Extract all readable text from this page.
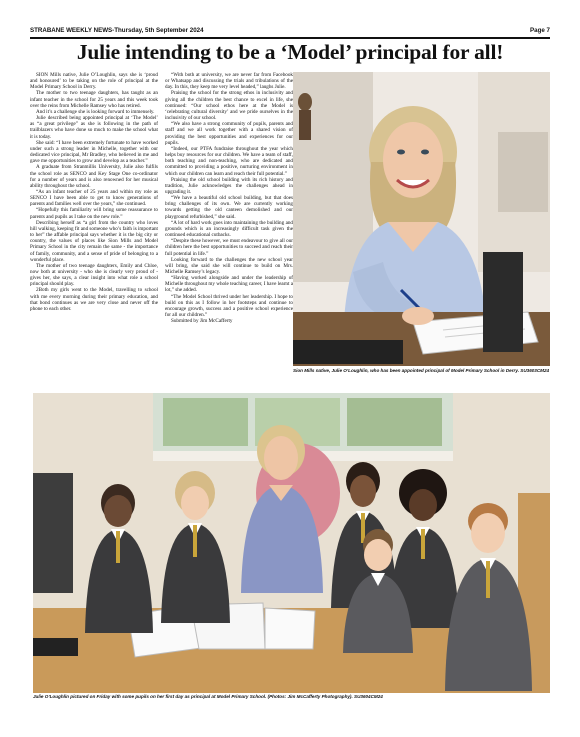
STRABANE WEEKLY NEWS-Thursday, 5th September 2024	Page 7
Julie intending to be a ‘Model’ principal for all!

SION Mills native, Julie O’Loughlin, says she is ‘proud and honoured’ to be taking on the role of principal at the Model Primary School in Derry.

The mother to two teenage daughters, has taught as an infant teacher in the school for 25 years and this week took over the reins from Michelle Ramsey who has retired.

And it’s a challenge she is looking forward to immensely.

Julie described being appointed principal at ‘The Model’ as “a great privilege” as she is following in the path of trailblazers who have done so much to make the school what it is today.

She said: “I have been extremely fortunate to have worked under such a strong leader in Michelle, together with our dedicated vice principal, Mr Bradley, who believed in me and gave me opportunities to grow and develop as a teacher.”

A graduate from Stranmillis University, Julie also fulfils the school role as SENCO and Key Stage One co-ordinator for a number of years and is also renowned for her musical ability throughout the school.

“As an infant teacher of 25 years and within my role as SENCO I have been able to get to know generations of parents and families well over the years,” she continued.

“Hopefully this familiarity will bring some reassurance to parents and pupils as I take on the new role.”

Describing herself as “a girl from the country who loves hill walking, keeping fit and someone who’s faith is important to her” the affable principal says whether it is the big city or country, the values of places like Sion Mills and Model Primary School in the city remain the same - the importance of family, community, and a sense of pride of belonging to a wonderful place.

The mother of two teenage daughters, Emily and Chloe, now both at university - who she is clearly very proud of - gives her, she says, a clear insight into what role a school principal should play.

2Both my girls went to the Model, travelling to school with me every morning during their primary education, and that bond continues as we are very close and never off the phone to each other.

“With both at university, we are never far from Facebook or Whatsapp and discussing the trials and tribulations of the day. In this, they keep me very level headed,” laughs Julie.

Praising the school for the strong ethos in inclusivity and giving all the children the best chance to excel in life, she continued: “Our school ethos here at the Model is ‘celebrating cultural diversity’ and we pride ourselves in the inclusivity of our school.

“We also have a strong community of pupils, parents and staff and we all work together with a shared vision of providing the best opportunities and experiences for our pupils.

“Indeed, our PTFA fundraise throughout the year which helps buy resources for our children. We have a team of staff, both teaching and non-teaching, who are dedicated and committed to providing a positive, nurturing environment in which our children can learn and reach their full potential.”

Praising the old school building with its rich history and tradition, Julie acknowledges the challenges ahead in upgrading it.

“We have a beautiful old school building, but that does bring challenges of its own. We are currently working towards getting the old canteen demolished and our playground refurbished,” she said.

“A lot of hard work goes into maintaining the building and grounds which is an increasingly difficult task given the continued educational cutbacks.

“Despite these however, we must endeavour to give all our children here the best opportunities to succeed and reach their full potential in life.”

Looking forward to the challenges the new school year will bring, she said she will continue to build on Mrs. Michelle Ramsey’s legacy.

“Having worked alongside and under the leadership of Michelle throughout my whole teaching career, I have learnt a lot,” she added.

“The Model School thrived under her leadership. I hope to build on this as I follow in her footsteps and continue to encourage growth, success and a positive school experience for all our children.”

Submitted by Jim McCafferty

Sion Mills native, Julie O’Loughlin, who has been appointed principal of Model Primary School in Derry. SU3603CM24
Julie O’Loughlin pictured on Friday with some pupils on her first day as principal at Model Primary School. (Photos: Jim McCafferty Photography). SU3604CM24
